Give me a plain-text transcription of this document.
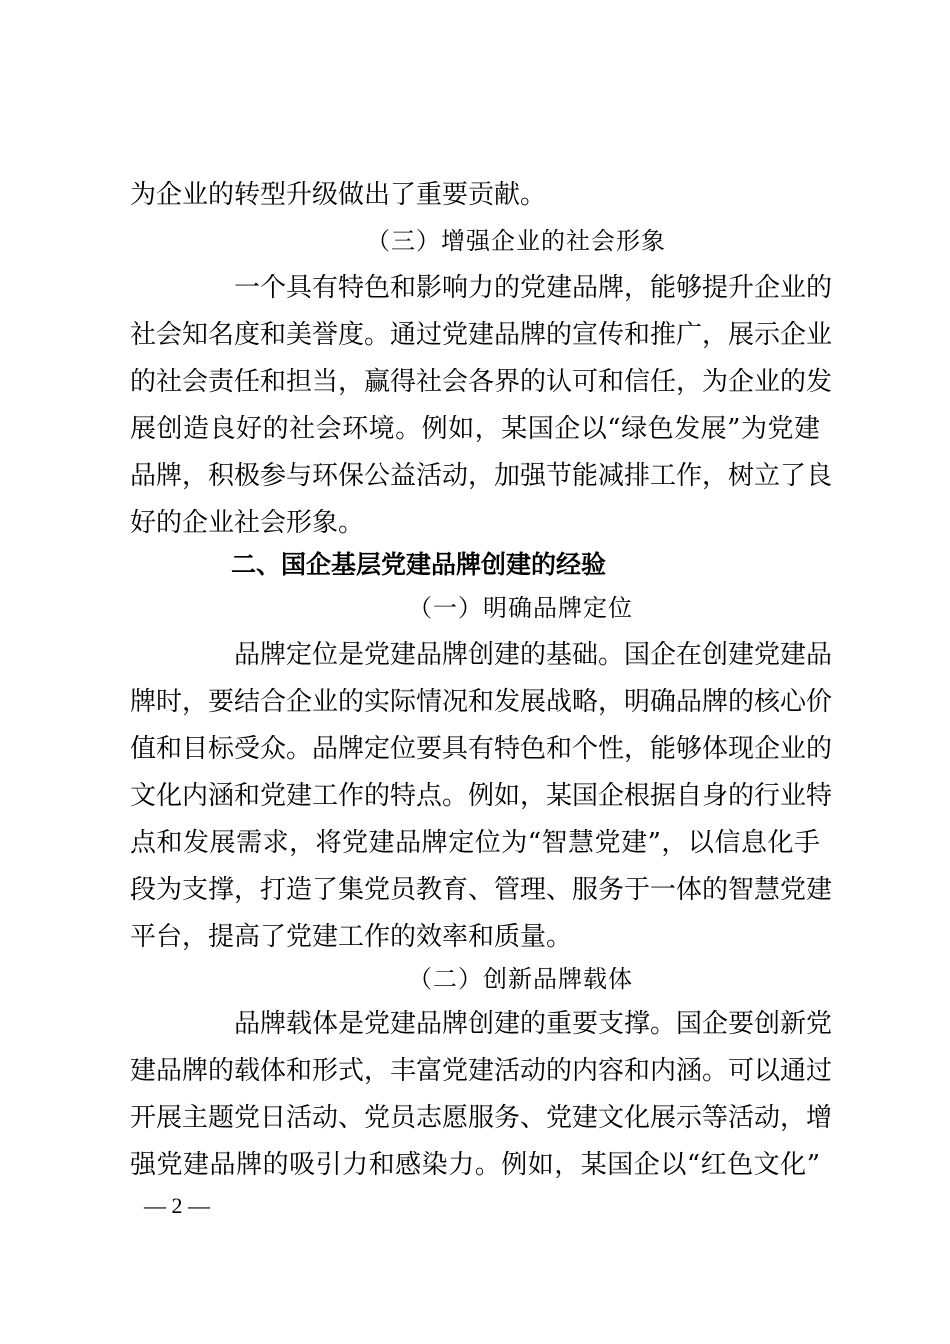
为企业的转型升级做出了重要贡献。
（三）增强企业的社会形象
一个具有特色和影响力的党建品牌，能够提升企业的
社会知名度和美誉度。通过党建品牌的宣传和推广，展示企业
的社会责任和担当，赢得社会各界的认可和信任，为企业的发
展创造良好的社会环境。例如，某国企以“绿色发展”为党建
品牌，积极参与环保公益活动，加强节能减排工作，树立了良
好的企业社会形象。
二、国企基层党建品牌创建的经验
（一）明确品牌定位
品牌定位是党建品牌创建的基础。国企在创建党建品
牌时，要结合企业的实际情况和发展战略，明确品牌的核心价
值和目标受众。品牌定位要具有特色和个性，能够体现企业的
文化内涵和党建工作的特点。例如，某国企根据自身的行业特
点和发展需求，将党建品牌定位为“智慧党建”，以信息化手
段为支撑，打造了集党员教育、管理、服务于一体的智慧党建
平台，提高了党建工作的效率和质量。
（二）创新品牌载体
品牌载体是党建品牌创建的重要支撑。国企要创新党
建品牌的载体和形式，丰富党建活动的内容和内涵。可以通过
开展主题党日活动、党员志愿服务、党建文化展示等活动，增
强党建品牌的吸引力和感染力。例如，某国企以“红色文化”
— 2 —
